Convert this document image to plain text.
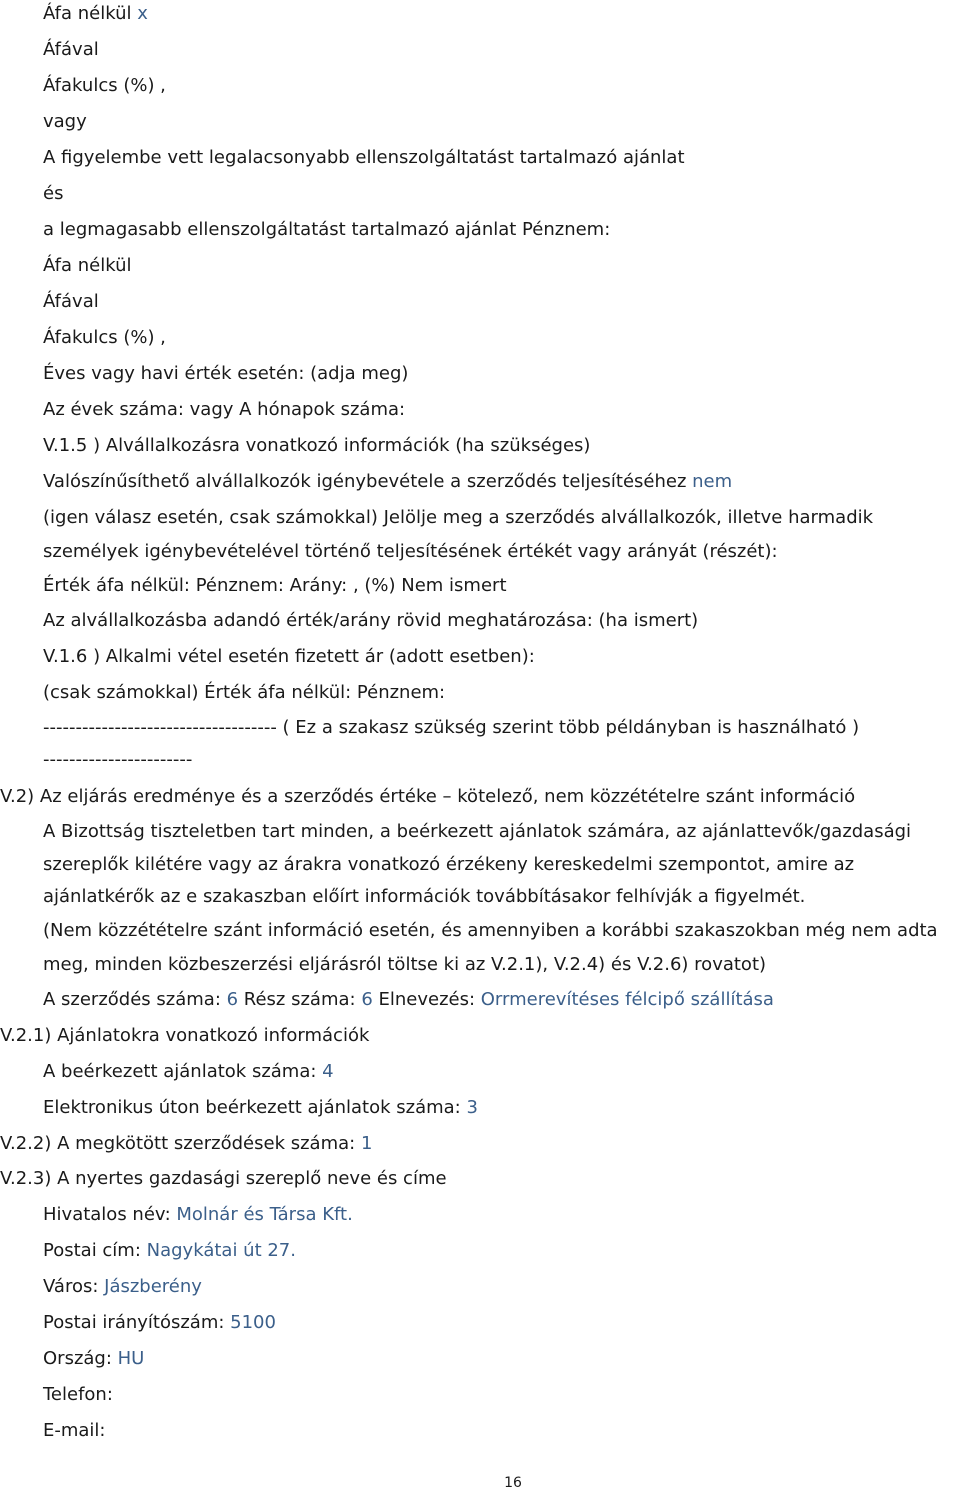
Áfa nélkül x
Áfával
Áfakulcs (%) ,
vagy
A figyelembe vett legalacsonyabb ellenszolgáltatást tartalmazó ajánlat
és
a legmagasabb ellenszolgáltatást tartalmazó ajánlat Pénznem:
Áfa nélkül
Áfával
Áfakulcs (%) ,
Éves vagy havi érték esetén: (adja meg)
Az évek száma: vagy A hónapok száma:
V.1.5 ) Alvállalkozásra vonatkozó információk (ha szükséges)
Valószínűsíthető alvállalkozók igénybevétele a szerződés teljesítéséhez nem
(igen válasz esetén, csak számokkal) Jelölje meg a szerződés alvállalkozók, illetve harmadik
személyek igénybevételével történő teljesítésének értékét vagy arányát (részét):
Érték áfa nélkül: Pénznem: Arány: , (%) Nem ismert
Az alvállalkozásba adandó érték/arány rövid meghatározása: (ha ismert)
V.1.6 ) Alkalmi vétel esetén fizetett ár (adott esetben):
(csak számokkal) Érték áfa nélkül: Pénznem:
------------------------------------ ( Ez a szakasz szükség szerint több példányban is használható )
-----------------------
V.2) Az eljárás eredménye és a szerződés értéke – kötelező, nem közzétételre szánt információ
A Bizottság tiszteletben tart minden, a beérkezett ajánlatok számára, az ajánlattevők/gazdasági
szereplők kilétére vagy az árakra vonatkozó érzékeny kereskedelmi szempontot, amire az
ajánlatkérők az e szakaszban előírt információk továbbításakor felhívják a figyelmét.
(Nem közzétételre szánt információ esetén, és amennyiben a korábbi szakaszokban még nem adta
meg, minden közbeszerzési eljárásról töltse ki az V.2.1), V.2.4) és V.2.6) rovatot)
A szerződés száma: 6 Rész száma: 6 Elnevezés: Orrmerevítéses félcipő szállítása
V.2.1) Ajánlatokra vonatkozó információk
A beérkezett ajánlatok száma: 4
Elektronikus úton beérkezett ajánlatok száma: 3
V.2.2) A megkötött szerződések száma: 1
V.2.3) A nyertes gazdasági szereplő neve és címe
Hivatalos név: Molnár és Társa Kft.
Postai cím: Nagykátai út 27.
Város: Jászberény
Postai irányítószám: 5100
Ország: HU
Telefon:
E-mail:
16
